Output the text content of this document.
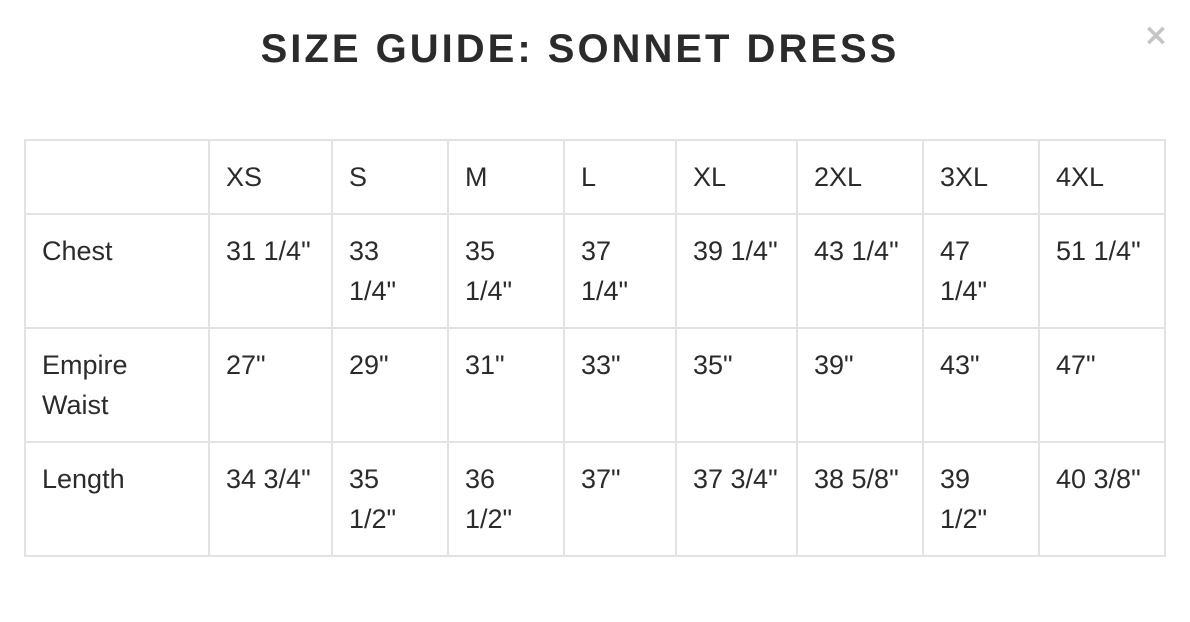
SIZE GUIDE: SONNET DRESS	×
	XS	S	M	L	XL	2XL	3XL	4XL
Chest	31 1/4"	33 1/4"	35 1/4"	37 1/4"	39 1/4"	43 1/4"	47 1/4"	51 1/4"
Empire Waist	27"	29"	31"	33"	35"	39"	43"	47"
Length	34 3/4"	35 1/2"	36 1/2"	37"	37 3/4"	38 5/8"	39 1/2"	40 3/8"
